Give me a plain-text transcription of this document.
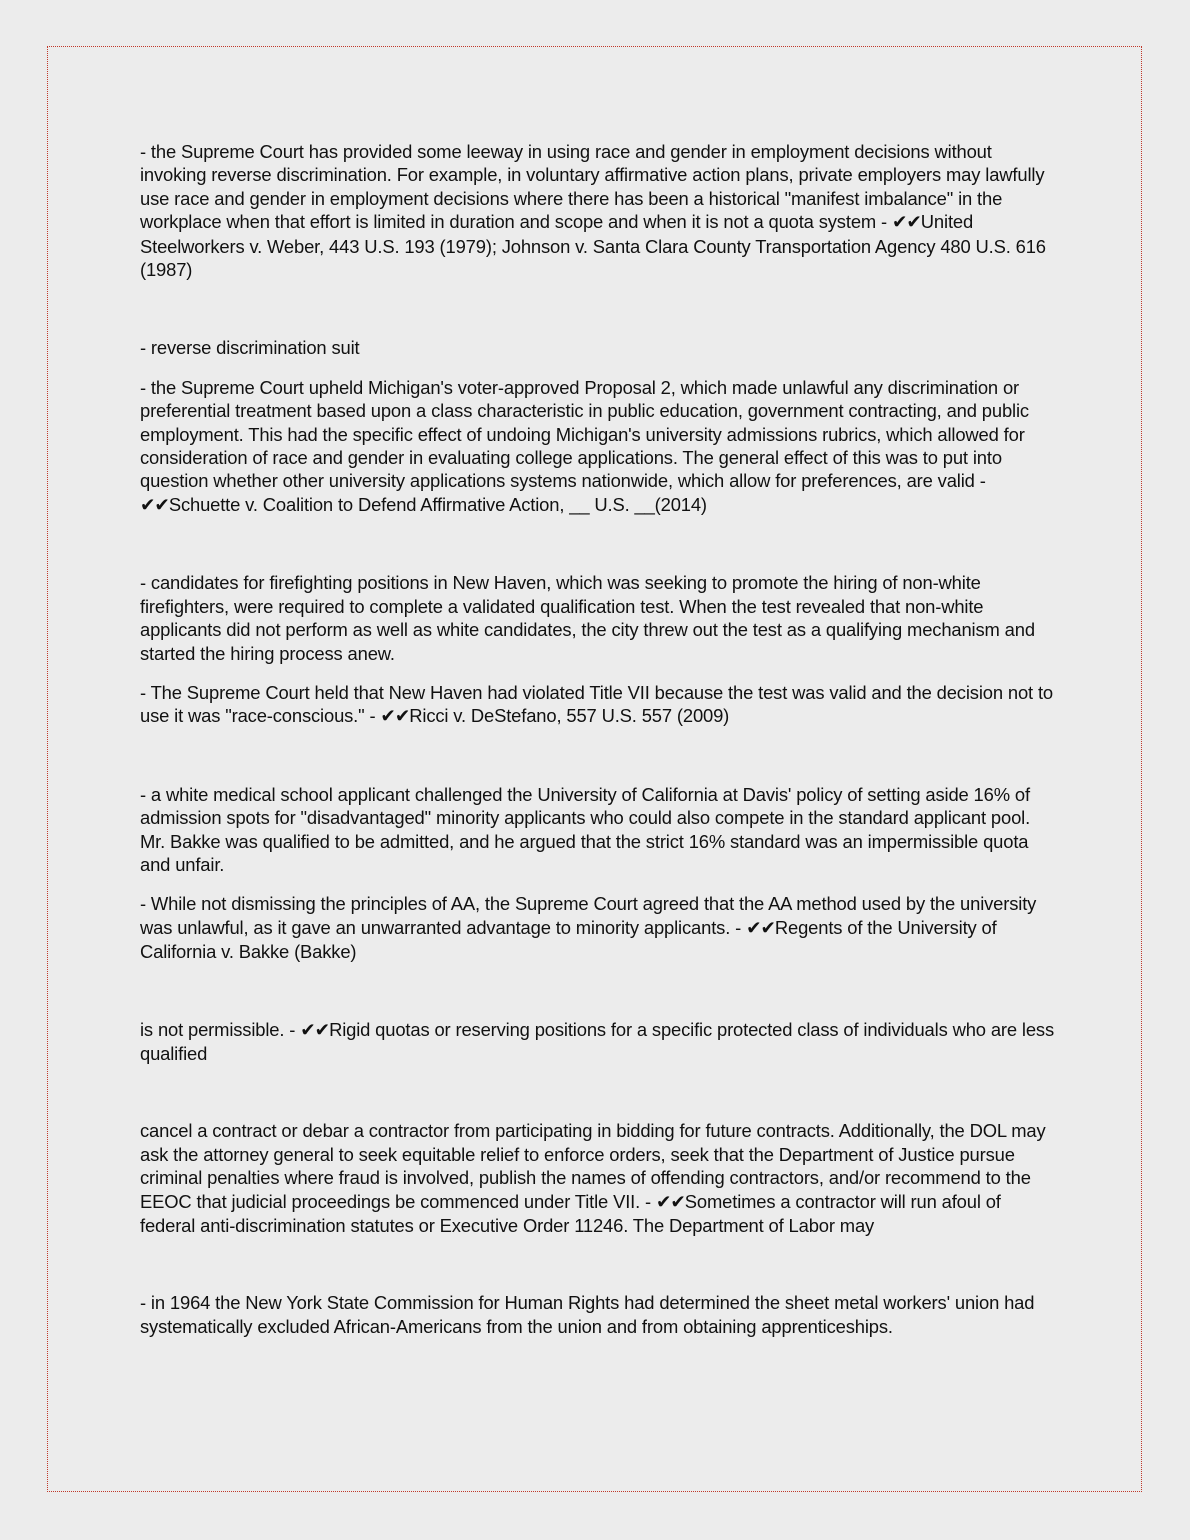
- the Supreme Court has provided some leeway in using race and gender in employment decisions without invoking reverse discrimination. For example, in voluntary affirmative action plans, private employers may lawfully use race and gender in employment decisions where there has been a historical "manifest imbalance" in the workplace when that effort is limited in duration and scope and when it is not a quota system - ✔✔United Steelworkers v. Weber, 443 U.S. 193 (1979); Johnson v. Santa Clara County Transportation Agency 480 U.S. 616 (1987)

- reverse discrimination suit

- the Supreme Court upheld Michigan's voter-approved Proposal 2, which made unlawful any discrimination or preferential treatment based upon a class characteristic in public education, government contracting, and public employment. This had the specific effect of undoing Michigan's university admissions rubrics, which allowed for consideration of race and gender in evaluating college applications. The general effect of this was to put into question whether other university applications systems nationwide, which allow for preferences, are valid - ✔✔Schuette v. Coalition to Defend Affirmative Action, __ U.S. __(2014)

- candidates for firefighting positions in New Haven, which was seeking to promote the hiring of non-white firefighters, were required to complete a validated qualification test. When the test revealed that non-white applicants did not perform as well as white candidates, the city threw out the test as a qualifying mechanism and started the hiring process anew.

- The Supreme Court held that New Haven had violated Title VII because the test was valid and the decision not to use it was "race-conscious." - ✔✔Ricci v. DeStefano, 557 U.S. 557 (2009)

- a white medical school applicant challenged the University of California at Davis' policy of setting aside 16% of admission spots for "disadvantaged" minority applicants who could also compete in the standard applicant pool. Mr. Bakke was qualified to be admitted, and he argued that the strict 16% standard was an impermissible quota and unfair.

- While not dismissing the principles of AA, the Supreme Court agreed that the AA method used by the university was unlawful, as it gave an unwarranted advantage to minority applicants. - ✔✔Regents of the University of California v. Bakke (Bakke)

is not permissible. - ✔✔Rigid quotas or reserving positions for a specific protected class of individuals who are less qualified

cancel a contract or debar a contractor from participating in bidding for future contracts. Additionally, the DOL may ask the attorney general to seek equitable relief to enforce orders, seek that the Department of Justice pursue criminal penalties where fraud is involved, publish the names of offending contractors, and/or recommend to the EEOC that judicial proceedings be commenced under Title VII. - ✔✔Sometimes a contractor will run afoul of federal anti-discrimination statutes or Executive Order 11246. The Department of Labor may

- in 1964 the New York State Commission for Human Rights had determined the sheet metal workers' union had systematically excluded African-Americans from the union and from obtaining apprenticeships.
